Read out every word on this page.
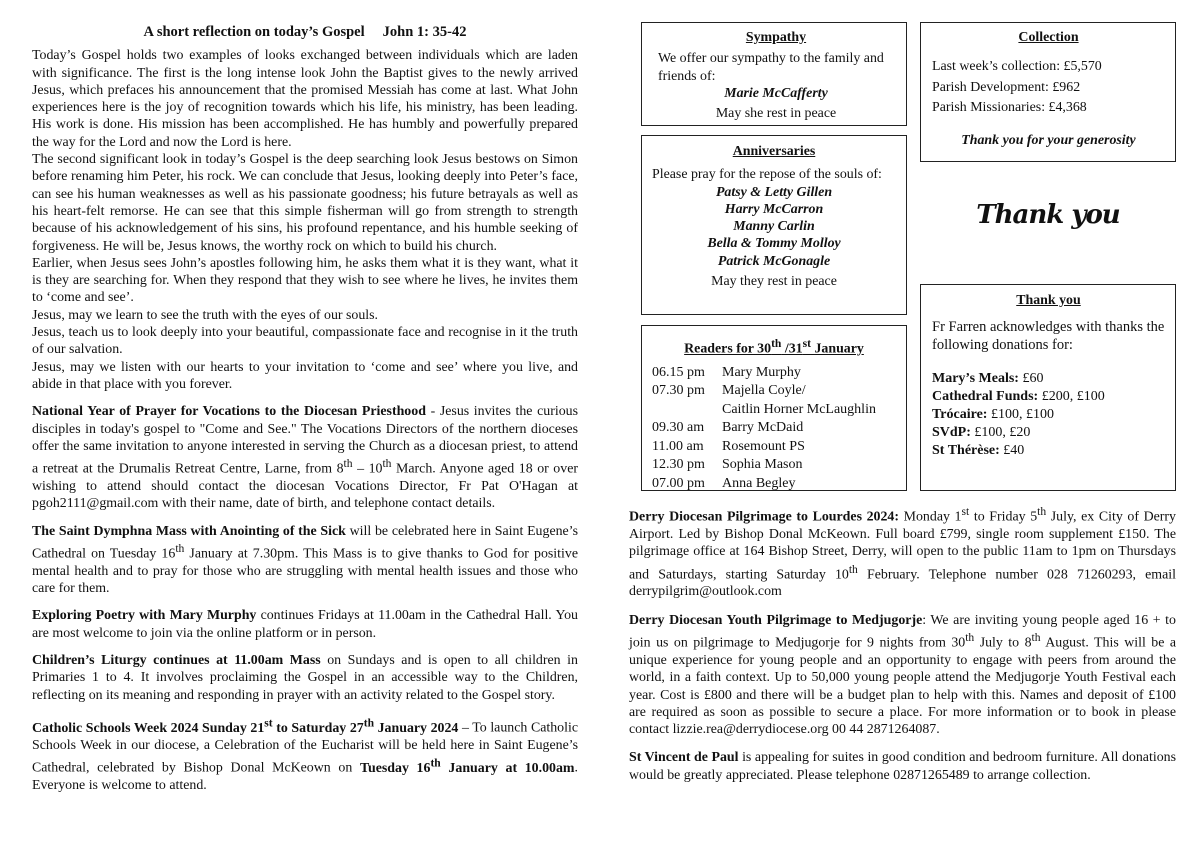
A short reflection on today’s Gospel John 1: 35-42

Today’s Gospel holds two examples of looks exchanged between individuals which are laden with significance. The first is the long intense look John the Baptist gives to the newly arrived Jesus, which prefaces his announcement that the promised Messiah has come at last. What John experiences here is the joy of recognition towards which his life, his ministry, has been leading. His work is done. His mission has been accomplished. He has humbly and powerfully prepared the way for the Lord and now the Lord is here.

The second significant look in today’s Gospel is the deep searching look Jesus bestows on Simon before renaming him Peter, his rock. We can conclude that Jesus, looking deeply into Peter’s face, can see his human weaknesses as well as his passionate goodness; his future betrayals as well as his heart-felt remorse. He can see that this simple fisherman will go from strength to strength because of his acknowledgement of his sins, his profound repentance, and his humble seeking of forgiveness. He will be, Jesus knows, the worthy rock on which to build his church.

Earlier, when Jesus sees John’s apostles following him, he asks them what it is they want, what it is they are searching for. When they respond that they wish to see where he lives, he invites them to ‘come and see’.

Jesus, may we learn to see the truth with the eyes of our souls.

Jesus, teach us to look deeply into your beautiful, compassionate face and recognise in it the truth of our salvation.

Jesus, may we listen with our hearts to your invitation to ‘come and see’ where you live, and abide in that place with you forever.

National Year of Prayer for Vocations to the Diocesan Priesthood - Jesus invites the curious disciples in today's gospel to "Come and See." The Vocations Directors of the northern dioceses offer the same invitation to anyone interested in serving the Church as a diocesan priest, to attend a retreat at the Drumalis Retreat Centre, Larne, from 8th – 10th March. Anyone aged 18 or over wishing to attend should contact the diocesan Vocations Director, Fr Pat O'Hagan at pgoh2111@gmail.com with their name, date of birth, and telephone contact details.

The Saint Dymphna Mass with Anointing of the Sick will be celebrated here in Saint Eugene’s Cathedral on Tuesday 16th January at 7.30pm. This Mass is to give thanks to God for positive mental health and to pray for those who are struggling with mental health issues and those who care for them.

Exploring Poetry with Mary Murphy continues Fridays at 11.00am in the Cathedral Hall. You are most welcome to join via the online platform or in person.

Children’s Liturgy continues at 11.00am Mass on Sundays and is open to all children in Primaries 1 to 4. It involves proclaiming the Gospel in an accessible way to the Children, reflecting on its meaning and responding in prayer with an activity related to the Gospel story.

Catholic Schools Week 2024 Sunday 21st to Saturday 27th January 2024 – To launch Catholic Schools Week in our diocese, a Celebration of the Eucharist will be held here in Saint Eugene’s Cathedral, celebrated by Bishop Donal McKeown on Tuesday 16th January at 10.00am. Everyone is welcome to attend.

Sympathy
We offer our sympathy to the family and friends of:
Marie McCafferty
May she rest in peace
Anniversaries
Please pray for the repose of the souls of:
Patsy & Letty Gillen
Harry McCarron
Manny Carlin
Bella & Tommy Molloy
Patrick McGonagle
May they rest in peace
Readers for 30th /31st January
06.15 pm	Mary Murphy
07.30 pm	Majella Coyle/
Caitlin Horner McLaughlin
09.30 am	Barry McDaid
11.00 am	Rosemount PS
12.30 pm	Sophia Mason
07.00 pm	Anna Begley
Collection
Last week’s collection: £5,570
Parish Development: £962
Parish Missionaries: £4,368
Thank you for your generosity
Thank you
Thank you
Fr Farren acknowledges with thanks the following donations for:
Mary’s Meals: £60
Cathedral Funds: £200, £100
Trócaire: £100, £100
SVdP: £100, £20
St Thérèse: £40

Derry Diocesan Pilgrimage to Lourdes 2024: Monday 1st to Friday 5th July, ex City of Derry Airport. Led by Bishop Donal McKeown. Full board £799, single room supplement £150. The pilgrimage office at 164 Bishop Street, Derry, will open to the public 11am to 1pm on Thursdays and Saturdays, starting Saturday 10th February. Telephone number 028 71260293, email derrypilgrim@outlook.com

Derry Diocesan Youth Pilgrimage to Medjugorje: We are inviting young people aged 16 + to join us on pilgrimage to Medjugorje for 9 nights from 30th July to 8th August. This will be a unique experience for young people and an opportunity to engage with peers from around the world, in a faith context. Up to 50,000 young people attend the Medjugorje Youth Festival each year. Cost is £800 and there will be a budget plan to help with this. Names and deposit of £100 are required as soon as possible to secure a place. For more information or to book in please contact lizzie.rea@derrydiocese.org 00 44 2871264087.

St Vincent de Paul is appealing for suites in good condition and bedroom furniture. All donations would be greatly appreciated. Please telephone 02871265489 to arrange collection.
